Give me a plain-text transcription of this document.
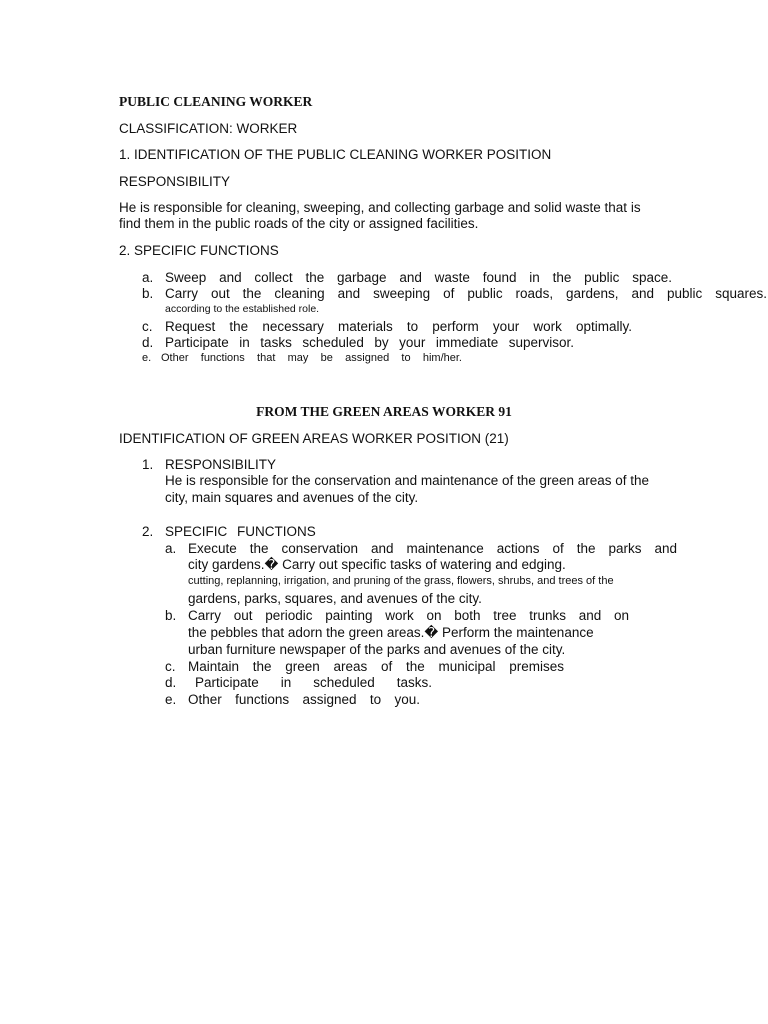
PUBLIC CLEANING WORKER

CLASSIFICATION: WORKER

1. IDENTIFICATION OF THE PUBLIC CLEANING WORKER POSITION

RESPONSIBILITY

He is responsible for cleaning, sweeping, and collecting garbage and solid waste that is

find them in the public roads of the city or assigned facilities.

2. SPECIFIC FUNCTIONS

a. Sweep and collect the garbage and waste found in the public space.
b. Carry out the cleaning and sweeping of public roads, gardens, and public squares.

according to the established role.

c. Request the necessary materials to perform your work optimally.
d. Participate in tasks scheduled by your immediate supervisor.
e. Other functions that may be assigned to him/her.

FROM THE GREEN AREAS WORKER 91

IDENTIFICATION OF GREEN AREAS WORKER POSITION (21)

1. RESPONSIBILITY

He is responsible for the conservation and maintenance of the green areas of the

city, main squares and avenues of the city.

2. SPECIFIC FUNCTIONS

a. Execute the conservation and maintenance actions of the parks and

city gardens.� Carry out specific tasks of watering and edging.

cutting, replanning, irrigation, and pruning of the grass, flowers, shrubs, and trees of the

gardens, parks, squares, and avenues of the city.

b. Carry out periodic painting work on both tree trunks and on

the pebbles that adorn the green areas.� Perform the maintenance

urban furniture newspaper of the parks and avenues of the city.

c. Maintain the green areas of the municipal premises

d. Participate in scheduled tasks.

e. Other functions assigned to you.
